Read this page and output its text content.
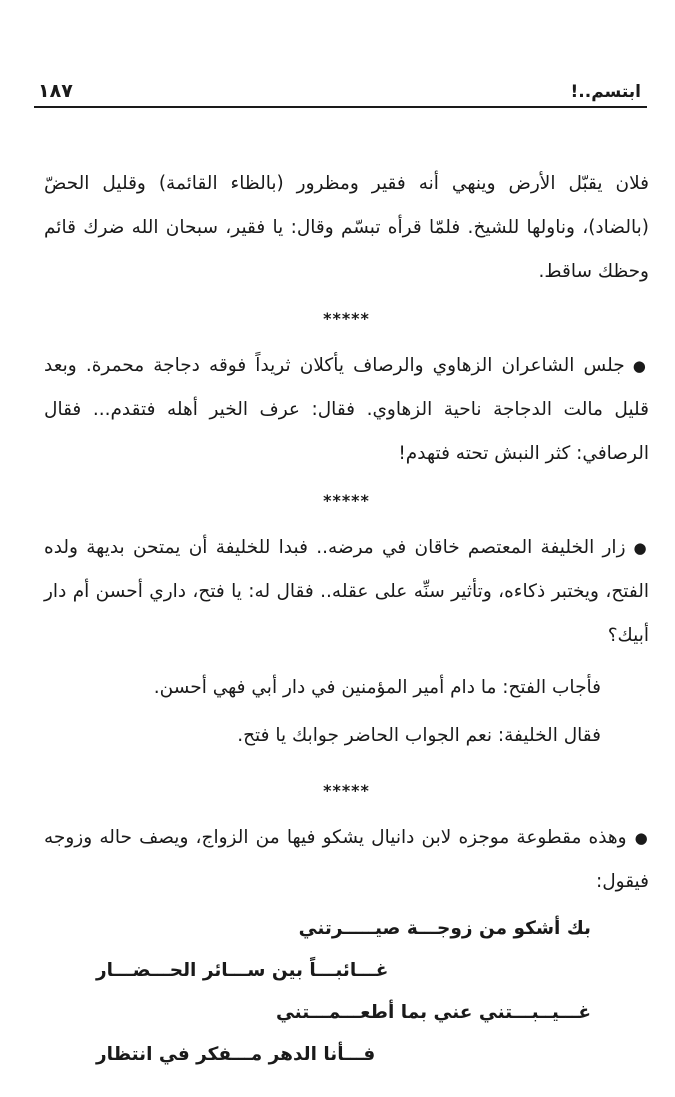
ابتسم..!
١٨٧

فلان يقبّل الأرض وينهي أنه فقير ومظرور (بالظاء القائمة) وقليل الحضّ (بالضاد)، وناولها للشيخ. فلمّا قرأه تبسّم وقال: يا فقير، سبحان الله ضرك قائم وحظك ساقط.

*****

●جلس الشاعران الزهاوي والرصاف يأكلان ثريداً فوقه دجاجة محمرة. وبعد قليل مالت الدجاجة ناحية الزهاوي. فقال: عرف الخير أهله فتقدم... فقال الرصافي: كثر النبش تحته فتهدم!

*****

●زار الخليفة المعتصم خاقان في مرضه.. فبدا للخليفة أن يمتحن بديهة ولده الفتح، ويختبر ذكاءه، وتأثير سنِّه على عقله.. فقال له: يا فتح، داري أحسن أم دار أبيك؟

فأجاب الفتح: ما دام أمير المؤمنين في دار أبي فهي أحسن.

فقال الخليفة: نعم الجواب الحاضر جوابك يا فتح.

*****

●وهذه مقطوعة موجزه لابن دانيال يشكو فيها من الزواج، ويصف حاله وزوجه فيقول:

بك أشكو من زوجـــة صيـــــرتني
غـــائبـــاً بين ســـائر الحـــضـــار
غـــيــبـــتني عني بما أطعـــمـــتني
فـــأنا الدهر مـــفكر في انتظار
